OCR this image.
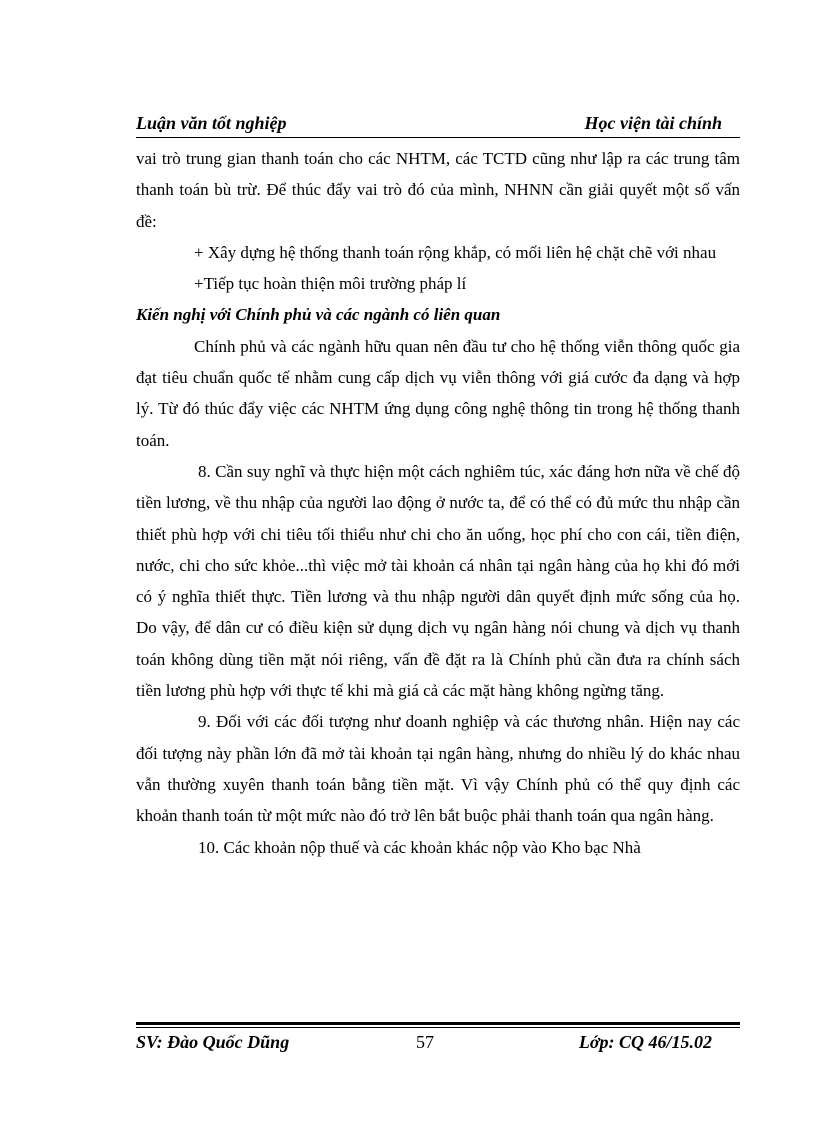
Luận văn tốt nghiệp	Học viện tài chính

vai trò trung gian thanh toán cho các NHTM, các TCTD cũng như lập ra các trung tâm thanh toán bù trừ. Để thúc đẩy vai trò đó của mình, NHNN cần giải quyết một số vấn đề:

+ Xây dựng hệ thống thanh toán rộng khắp, có mối liên hệ chặt chẽ với nhau

+Tiếp tục hoàn thiện môi trường pháp lí

Kiến nghị với Chính phủ và các ngành có liên quan

Chính phủ và các ngành hữu quan nên đầu tư cho hệ thống viễn thông quốc gia đạt tiêu chuẩn quốc tế nhằm cung cấp dịch vụ viễn thông với giá cước đa dạng và hợp lý. Từ đó thúc đẩy việc các NHTM ứng dụng công nghệ thông tin trong hệ thống thanh toán.

8. Cần suy nghĩ và thực hiện một cách nghiêm túc, xác đáng hơn nữa về chế độ tiền lương, về thu nhập của người lao động ở nước ta, để có thể có đủ mức thu nhập cần thiết phù hợp với chi tiêu tối thiểu như chi cho ăn uống, học phí cho con cái, tiền điện, nước, chi cho sức khỏe...thì việc mở tài khoản cá nhân tại ngân hàng của họ khi đó mới có ý nghĩa thiết thực. Tiền lương và thu nhập người dân quyết định mức sống của họ. Do vậy, để dân cư có điều kiện sử dụng dịch vụ ngân hàng nói chung và dịch vụ thanh toán không dùng tiền mặt nói riêng, vấn đề đặt ra là Chính phủ cần đưa ra chính sách tiền lương phù hợp với thực tế khi mà giá cả các mặt hàng không ngừng tăng.

9. Đối với các đối tượng như doanh nghiệp và các thương nhân. Hiện nay các đối tượng này phần lớn đã mở tài khoản tại ngân hàng, nhưng do nhiều lý do khác nhau vẫn thường xuyên thanh toán bằng tiền mặt. Vì vậy Chính phủ có thể quy định các khoản thanh toán từ một mức nào đó trở lên bắt buộc phải thanh toán qua ngân hàng.

10. Các khoản nộp thuế và các khoản khác nộp vào Kho bạc Nhà

SV: Đào Quốc Dũng	57	Lớp: CQ 46/15.02
